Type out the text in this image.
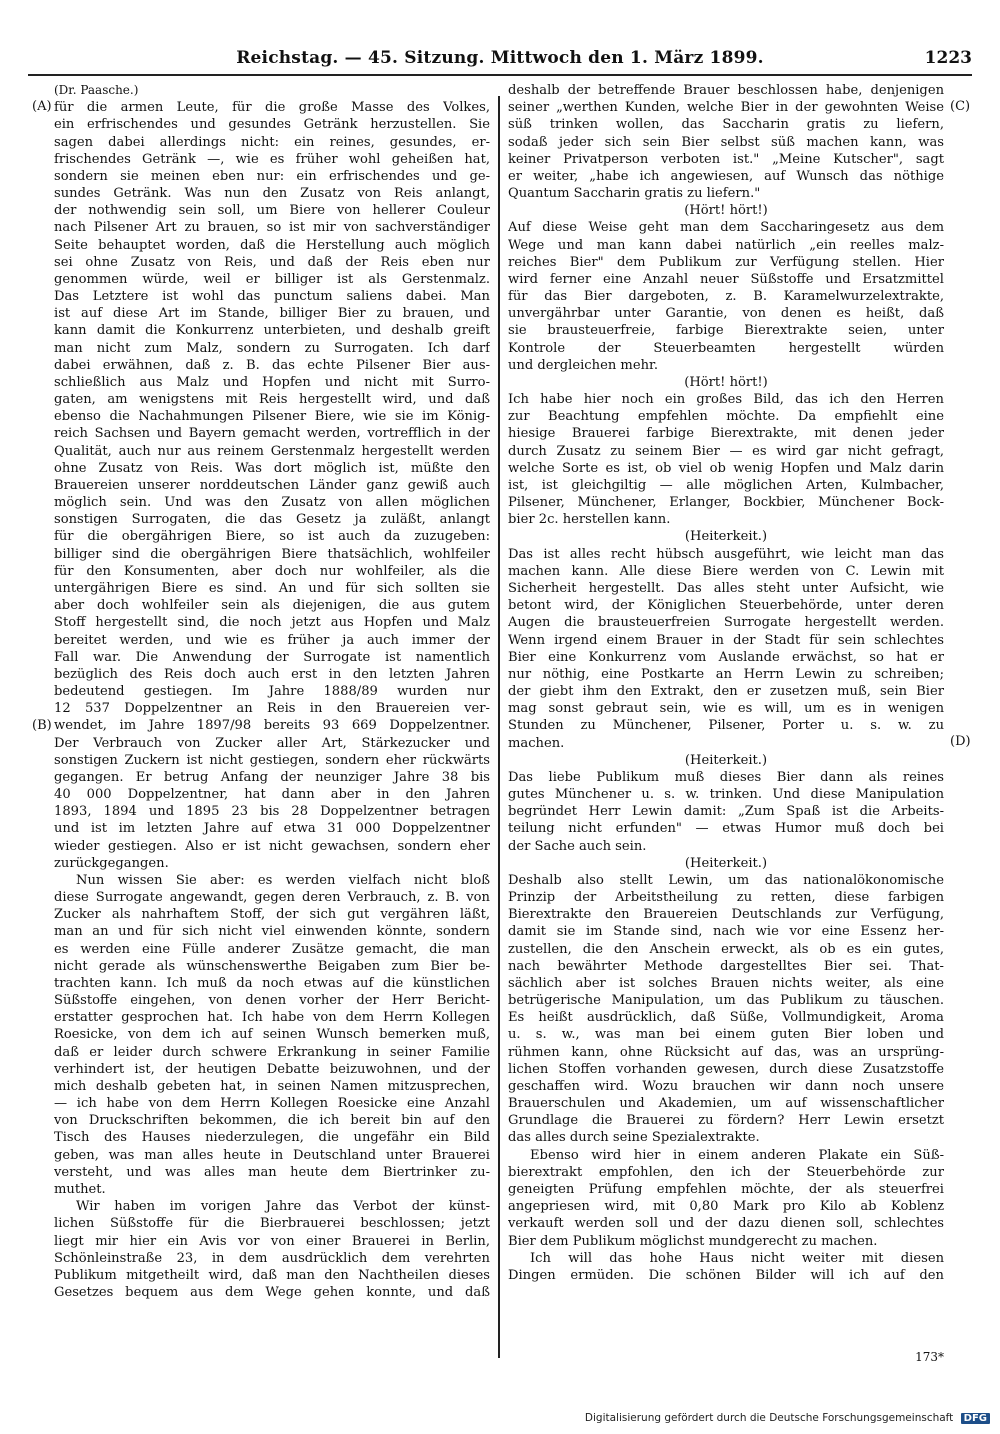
Reichstag. — 45. Sitzung. Mittwoch den 1. März 1899.	1223
(A)
(B)
(C)
(D)
(Dr. Paasche.)
für die armen Leute, für die große Masse des Volkes,
ein erfrischendes und gesundes Getränk herzustellen. Sie
sagen dabei allerdings nicht: ein reines, gesundes, er-
frischendes Getränk —, wie es früher wohl geheißen hat,
sondern sie meinen eben nur: ein erfrischendes und ge-
sundes Getränk. Was nun den Zusatz von Reis anlangt,
der nothwendig sein soll, um Biere von hellerer Couleur
nach Pilsener Art zu brauen, so ist mir von sachverständiger
Seite behauptet worden, daß die Herstellung auch möglich
sei ohne Zusatz von Reis, und daß der Reis eben nur
genommen würde, weil er billiger ist als Gerstenmalz.
Das Letztere ist wohl das punctum saliens dabei. Man
ist auf diese Art im Stande, billiger Bier zu brauen, und
kann damit die Konkurrenz unterbieten, und deshalb greift
man nicht zum Malz, sondern zu Surrogaten. Ich darf
dabei erwähnen, daß z. B. das echte Pilsener Bier aus-
schließlich aus Malz und Hopfen und nicht mit Surro-
gaten, am wenigstens mit Reis hergestellt wird, und daß
ebenso die Nachahmungen Pilsener Biere, wie sie im König-
reich Sachsen und Bayern gemacht werden, vortrefflich in der
Qualität, auch nur aus reinem Gerstenmalz hergestellt werden
ohne Zusatz von Reis. Was dort möglich ist, müßte den
Brauereien unserer norddeutschen Länder ganz gewiß auch
möglich sein. Und was den Zusatz von allen möglichen
sonstigen Surrogaten, die das Gesetz ja zuläßt, anlangt
für die obergährigen Biere, so ist auch da zuzugeben:
billiger sind die obergährigen Biere thatsächlich, wohlfeiler
für den Konsumenten, aber doch nur wohlfeiler, als die
untergährigen Biere es sind. An und für sich sollten sie
aber doch wohlfeiler sein als diejenigen, die aus gutem
Stoff hergestellt sind, die noch jetzt aus Hopfen und Malz
bereitet werden, und wie es früher ja auch immer der
Fall war. Die Anwendung der Surrogate ist namentlich
bezüglich des Reis doch auch erst in den letzten Jahren
bedeutend gestiegen. Im Jahre 1888/89 wurden nur
12 537 Doppelzentner an Reis in den Brauereien ver-
wendet, im Jahre 1897/98 bereits 93 669 Doppelzentner.
Der Verbrauch von Zucker aller Art, Stärkezucker und
sonstigen Zuckern ist nicht gestiegen, sondern eher rückwärts
gegangen. Er betrug Anfang der neunziger Jahre 38 bis
40 000 Doppelzentner, hat dann aber in den Jahren
1893, 1894 und 1895 23 bis 28 Doppelzentner betragen
und ist im letzten Jahre auf etwa 31 000 Doppelzentner
wieder gestiegen. Also er ist nicht gewachsen, sondern eher
zurückgegangen.
Nun wissen Sie aber: es werden vielfach nicht bloß
diese Surrogate angewandt, gegen deren Verbrauch, z. B. von
Zucker als nahrhaftem Stoff, der sich gut vergähren läßt,
man an und für sich nicht viel einwenden könnte, sondern
es werden eine Fülle anderer Zusätze gemacht, die man
nicht gerade als wünschenswerthe Beigaben zum Bier be-
trachten kann. Ich muß da noch etwas auf die künstlichen
Süßstoffe eingehen, von denen vorher der Herr Bericht-
erstatter gesprochen hat. Ich habe von dem Herrn Kollegen
Roesicke, von dem ich auf seinen Wunsch bemerken muß,
daß er leider durch schwere Erkrankung in seiner Familie
verhindert ist, der heutigen Debatte beizuwohnen, und der
mich deshalb gebeten hat, in seinen Namen mitzusprechen,
— ich habe von dem Herrn Kollegen Roesicke eine Anzahl
von Druckschriften bekommen, die ich bereit bin auf den
Tisch des Hauses niederzulegen, die ungefähr ein Bild
geben, was man alles heute in Deutschland unter Brauerei
versteht, und was alles man heute dem Biertrinker zu-
muthet.
Wir haben im vorigen Jahre das Verbot der künst-
lichen Süßstoffe für die Bierbrauerei beschlossen; jetzt
liegt mir hier ein Avis vor von einer Brauerei in Berlin,
Schönleinstraße 23, in dem ausdrücklich dem verehrten
Publikum mitgetheilt wird, daß man den Nachtheilen dieses
Gesetzes bequem aus dem Wege gehen konnte, und daß
deshalb der betreffende Brauer beschlossen habe, denjenigen
seiner „werthen Kunden, welche Bier in der gewohnten Weise
süß trinken wollen, das Saccharin gratis zu liefern,
sodaß jeder sich sein Bier selbst süß machen kann, was
keiner Privatperson verboten ist." „Meine Kutscher", sagt
er weiter, „habe ich angewiesen, auf Wunsch das nöthige
Quantum Saccharin gratis zu liefern."
(Hört! hört!)
Auf diese Weise geht man dem Saccharingesetz aus dem
Wege und man kann dabei natürlich „ein reelles malz-
reiches Bier" dem Publikum zur Verfügung stellen. Hier
wird ferner eine Anzahl neuer Süßstoffe und Ersatzmittel
für das Bier dargeboten, z. B. Karamelwurzelextrakte,
unvergährbar unter Garantie, von denen es heißt, daß
sie brausteuerfreie, farbige Bierextrakte seien, unter
Kontrole der Steuerbeamten hergestellt würden
und dergleichen mehr.
(Hört! hört!)
Ich habe hier noch ein großes Bild, das ich den Herren
zur Beachtung empfehlen möchte. Da empfiehlt eine
hiesige Brauerei farbige Bierextrakte, mit denen jeder
durch Zusatz zu seinem Bier — es wird gar nicht gefragt,
welche Sorte es ist, ob viel ob wenig Hopfen und Malz darin
ist, ist gleichgiltig — alle möglichen Arten, Kulmbacher,
Pilsener, Münchener, Erlanger, Bockbier, Münchener Bock-
bier 2c. herstellen kann.
(Heiterkeit.)
Das ist alles recht hübsch ausgeführt, wie leicht man das
machen kann. Alle diese Biere werden von C. Lewin mit
Sicherheit hergestellt. Das alles steht unter Aufsicht, wie
betont wird, der Königlichen Steuerbehörde, unter deren
Augen die brausteuerfreien Surrogate hergestellt werden.
Wenn irgend einem Brauer in der Stadt für sein schlechtes
Bier eine Konkurrenz vom Auslande erwächst, so hat er
nur nöthig, eine Postkarte an Herrn Lewin zu schreiben;
der giebt ihm den Extrakt, den er zusetzen muß, sein Bier
mag sonst gebraut sein, wie es will, um es in wenigen
Stunden zu Münchener, Pilsener, Porter u. s. w. zu
machen.
(Heiterkeit.)
Das liebe Publikum muß dieses Bier dann als reines
gutes Münchener u. s. w. trinken. Und diese Manipulation
begründet Herr Lewin damit: „Zum Spaß ist die Arbeits-
teilung nicht erfunden" — etwas Humor muß doch bei
der Sache auch sein.
(Heiterkeit.)
Deshalb also stellt Lewin, um das nationalökonomische
Prinzip der Arbeitstheilung zu retten, diese farbigen
Bierextrakte den Brauereien Deutschlands zur Verfügung,
damit sie im Stande sind, nach wie vor eine Essenz her-
zustellen, die den Anschein erweckt, als ob es ein gutes,
nach bewährter Methode dargestelltes Bier sei. That-
sächlich aber ist solches Brauen nichts weiter, als eine
betrügerische Manipulation, um das Publikum zu täuschen.
Es heißt ausdrücklich, daß Süße, Vollmundigkeit, Aroma
u. s. w., was man bei einem guten Bier loben und
rühmen kann, ohne Rücksicht auf das, was an ursprüng-
lichen Stoffen vorhanden gewesen, durch diese Zusatzstoffe
geschaffen wird. Wozu brauchen wir dann noch unsere
Brauerschulen und Akademien, um auf wissenschaftlicher
Grundlage die Brauerei zu fördern? Herr Lewin ersetzt
das alles durch seine Spezialextrakte.
Ebenso wird hier in einem anderen Plakate ein Süß-
bierextrakt empfohlen, den ich der Steuerbehörde zur
geneigten Prüfung empfehlen möchte, der als steuerfrei
angepriesen wird, mit 0,80 Mark pro Kilo ab Koblenz
verkauft werden soll und der dazu dienen soll, schlechtes
Bier dem Publikum möglichst mundgerecht zu machen.
Ich will das hohe Haus nicht weiter mit diesen
Dingen ermüden. Die schönen Bilder will ich auf den
173*
Digitalisierung gefördert durch die Deutsche Forschungsgemeinschaft DFG
